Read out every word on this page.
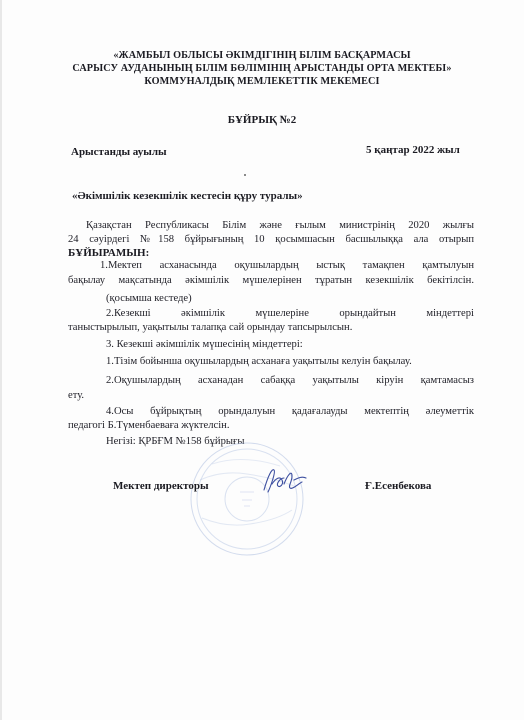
«ЖАМБЫЛ ОБЛЫСЫ ӘКІМДІГІНІҢ БІЛІМ БАСҚАРМАСЫ
САРЫСУ АУДАНЫНЫҢ БІЛІМ БӨЛІМІНІҢ АРЫСТАНДЫ ОРТА МЕКТЕБІ»
КОММУНАЛДЫҚ МЕМЛЕКЕТТІК МЕКЕМЕСІ
БҰЙРЫҚ №2
Арыстанды ауылы	5 қаңтар 2022 жыл
«Әкімшілік кезекшілік кестесін құру туралы»
Қазақстан Республикасы Білім және ғылым министрінің 2020 жылғы
24 сәуірдегі №158 бұйрығының 10 қосымшасын басшылыққа ала отырып
БҰЙЫРАМЫН:
1.Мектеп асханасында оқушылардың ыстық тамақпен қамтылуын
бақылау мақсатында әкімшілік мүшелерінен тұратын кезекшілік бекітілсін.
(қосымша кестеде)
2.Кезекші әкімшілік мүшелеріне орындайтын міндеттері
таныстырылып, уақытылы талапқа сай орындау тапсырылсын.
3. Кезекші әкімшілік мүшесінің міндеттері:
1.Тізім бойынша оқушылардың асханаға уақытылы келуін бақылау.
2.Оқушылардың асханадан сабаққа уақытылы кіруін қамтамасыз
ету.
4.Осы бұйрықтың орындалуын қадағалауды мектептің әлеуметтік
педагогі Б.Түменбаеваға жүктелсін.
Негізі: ҚРБҒМ №158 бұйрығы
Мектеп директоры	Ғ.Есенбекова
